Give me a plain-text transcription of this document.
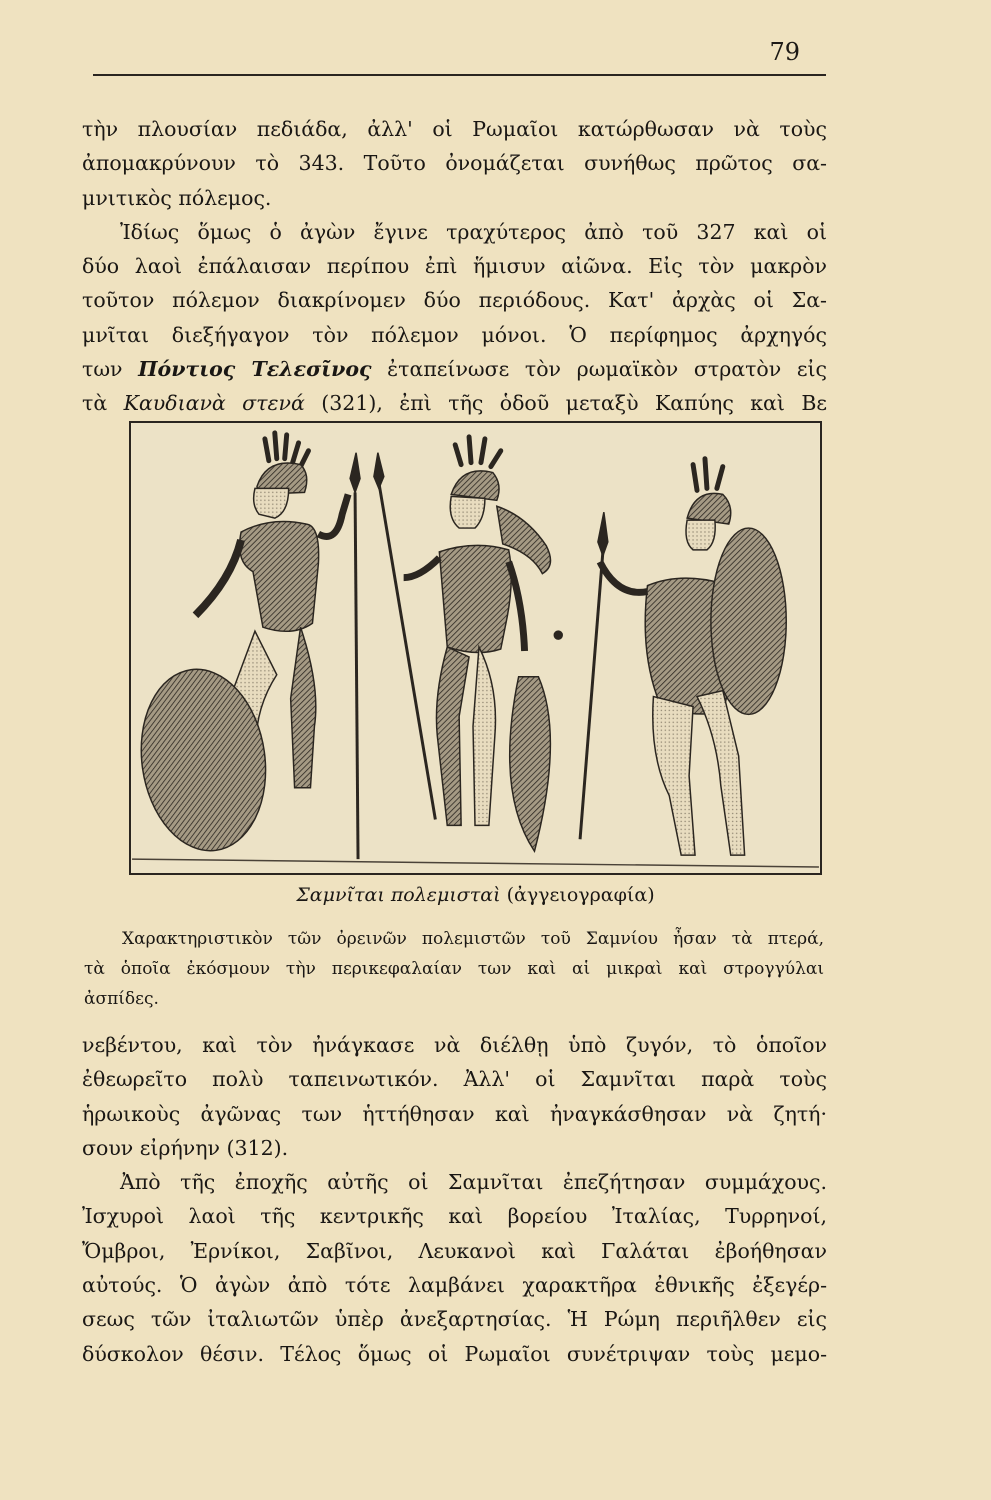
79
τὴν πλουσίαν πεδιάδα, ἀλλ' οἱ Ρωμαῖοι κατώρθωσαν νὰ τοὺς
ἀπομακρύνουν τὸ 343. Τοῦτο ὀνομάζεται συνήθως πρῶτος σα-
μνιτικὸς πόλεμος.
Ἰδίως ὅμως ὁ ἀγὼν ἔγινε τραχύτερος ἀπὸ τοῦ 327 καὶ οἱ
δύο λαοὶ ἐπάλαισαν περίπου ἐπὶ ἥμισυν αἰῶνα. Εἰς τὸν μακρὸν
τοῦτον πόλεμον διακρίνομεν δύο περιόδους. Κατ' ἀρχὰς οἱ Σα-
μνῖται διεξήγαγον τὸν πόλεμον μόνοι. Ὁ περίφημος ἀρχηγός
των Πόντιος Τελεσῖνος ἐταπείνωσε τὸν ρωμαϊκὸν στρατὸν εἰς
τὰ Καυδιανὰ στενά (321), ἐπὶ τῆς ὁδοῦ μεταξὺ Καπύης καὶ Βε
Σαμνῖται πολεμισταὶ (ἀγγειογραφία)
Χαρακτηριστικὸν τῶν ὀρεινῶν πολεμιστῶν τοῦ Σαμνίου ἦσαν τὰ πτερά,
τὰ ὁποῖα ἐκόσμουν τὴν περικεφαλαίαν των καὶ αἱ μικραὶ καὶ στρογγύλαι
ἀσπίδες.
νεβέντου, καὶ τὸν ἠνάγκασε νὰ διέλθῃ ὑπὸ ζυγόν, τὸ ὁποῖον
ἐθεωρεῖτο πολὺ ταπεινωτικόν. Ἀλλ' οἱ Σαμνῖται παρὰ τοὺς
ἡρωικοὺς ἀγῶνας των ἡττήθησαν καὶ ἠναγκάσθησαν νὰ ζητή·
σουν εἰρήνην (312).
Ἀπὸ τῆς ἐποχῆς αὐτῆς οἱ Σαμνῖται ἐπεζήτησαν συμμάχους.
Ἰσχυροὶ λαοὶ τῆς κεντρικῆς καὶ βορείου Ἰταλίας, Τυρρηνοί,
Ὄμβροι, Ἐρνίκοι, Σαβῖνοι, Λευκανοὶ καὶ Γαλάται ἐβοήθησαν
αὐτούς. Ὁ ἀγὼν ἀπὸ τότε λαμβάνει χαρακτῆρα ἐθνικῆς ἐξεγέρ-
σεως τῶν ἰταλιωτῶν ὑπὲρ ἀνεξαρτησίας. Ἡ Ρώμη περιῆλθεν εἰς
δύσκολον θέσιν. Τέλος ὅμως οἱ Ρωμαῖοι συνέτριψαν τοὺς μεμο-
